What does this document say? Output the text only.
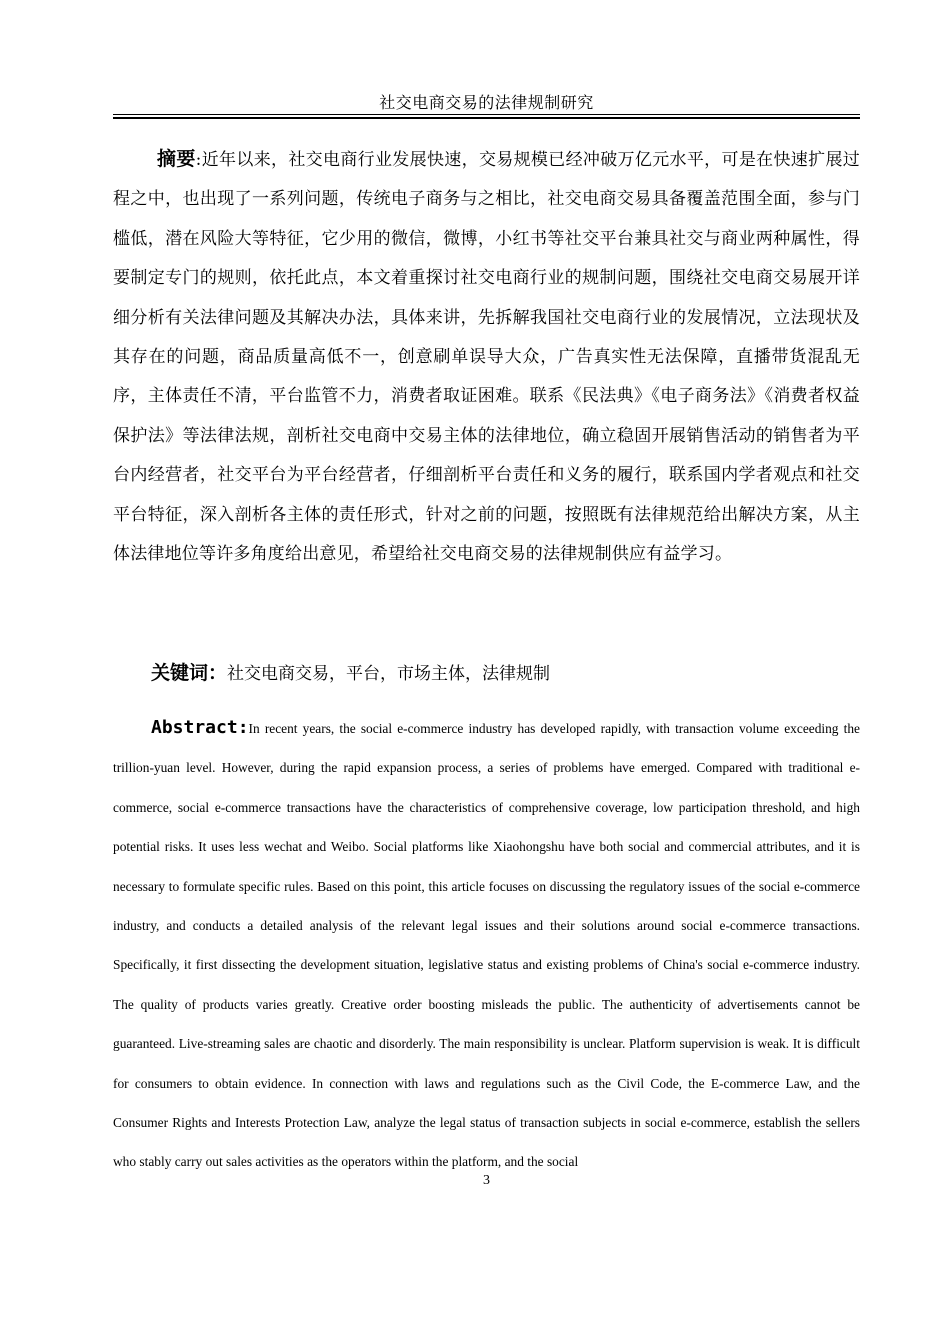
社交电商交易的法律规制研究

摘要:近年以来，社交电商行业发展快速，交易规模已经冲破万亿元水平，可是在快速扩展过程之中，也出现了一系列问题，传统电子商务与之相比，社交电商交易具备覆盖范围全面，参与门槛低，潜在风险大等特征，它少用的微信，微博，小红书等社交平台兼具社交与商业两种属性，得要制定专门的规则，依托此点，本文着重探讨社交电商行业的规制问题，围绕社交电商交易展开详细分析有关法律问题及其解决办法，具体来讲，先拆解我国社交电商行业的发展情况，立法现状及其存在的问题，商品质量高低不一，创意刷单误导大众，广告真实性无法保障，直播带货混乱无序，主体责任不清，平台监管不力，消费者取证困难。联系《民法典》《电子商务法》《消费者权益保护法》等法律法规，剖析社交电商中交易主体的法律地位，确立稳固开展销售活动的销售者为平台内经营者，社交平台为平台经营者，仔细剖析平台责任和义务的履行，联系国内学者观点和社交平台特征，深入剖析各主体的责任形式，针对之前的问题，按照既有法律规范给出解决方案，从主体法律地位等许多角度给出意见，希望给社交电商交易的法律规制供应有益学习。

关键词：社交电商交易，平台，市场主体，法律规制

Abstract:In recent years, the social e-commerce industry has developed rapidly, with transaction volume exceeding the trillion-yuan level. However, during the rapid expansion process, a series of problems have emerged. Compared with traditional e-commerce, social e-commerce transactions have the characteristics of comprehensive coverage, low participation threshold, and high potential risks. It uses less wechat and Weibo. Social platforms like Xiaohongshu have both social and commercial attributes, and it is necessary to formulate specific rules. Based on this point, this article focuses on discussing the regulatory issues of the social e-commerce industry, and conducts a detailed analysis of the relevant legal issues and their solutions around social e-commerce transactions. Specifically, it first dissecting the development situation, legislative status and existing problems of China's social e-commerce industry. The quality of products varies greatly. Creative order boosting misleads the public. The authenticity of advertisements cannot be guaranteed. Live-streaming sales are chaotic and disorderly. The main responsibility is unclear. Platform supervision is weak. It is difficult for consumers to obtain evidence. In connection with laws and regulations such as the Civil Code, the E-commerce Law, and the Consumer Rights and Interests Protection Law, analyze the legal status of transaction subjects in social e-commerce, establish the sellers who stably carry out sales activities as the operators within the platform, and the social

3
